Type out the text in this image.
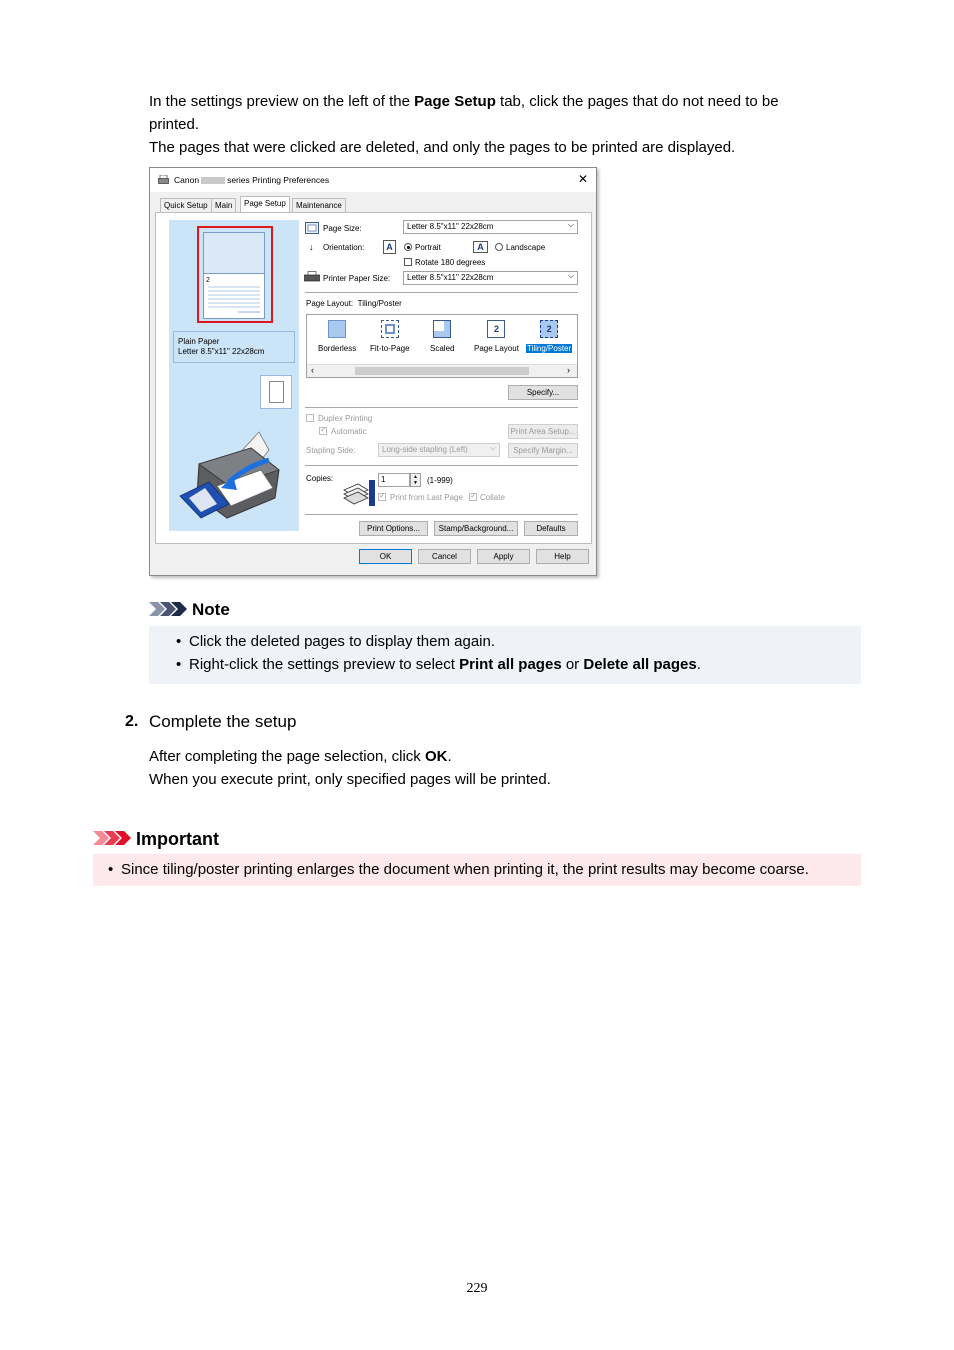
In the settings preview on the left of the Page Setup tab, click the pages that do not need to be
printed.
The pages that were clicked are deleted, and only the pages to be printed are displayed.
Canon	series Printing Preferences	✕
Quick Setup Main	Page Setup	Maintenance
2
Plain Paper
Letter 8.5"x11" 22x28cm
Page Size:	Letter 8.5"x11" 22x28cm ⌵
↓ Orientation:	A	Portrait	A	Landscape
Rotate 180 degrees
Printer Paper Size:	Letter 8.5"x11" 22x28cm ⌵
Page Layout: Tiling/Poster
Borderless Fit-to-Page	Scaled
2
Page Layout
2
Tiling/Poster
‹	›
Specify...
Duplex Printing
✓ Automatic	Print Area Setup...
Stapling Side:	Long-side stapling (Left) ⌵	Specify Margin...
Copies:	1	▲
▼	(1-999)
✓ Print from Last Page ✓ Collate
Print Options...	Stamp/Background...	Defaults
OK	Cancel	Apply	Help
Note
• Click the deleted pages to display them again.
• Right-click the settings preview to select Print all pages or Delete all pages.
2. Complete the setup
After completing the page selection, click OK.
When you execute print, only specified pages will be printed.
Important
• Since tiling/poster printing enlarges the document when printing it, the print results may become coarse.
229
